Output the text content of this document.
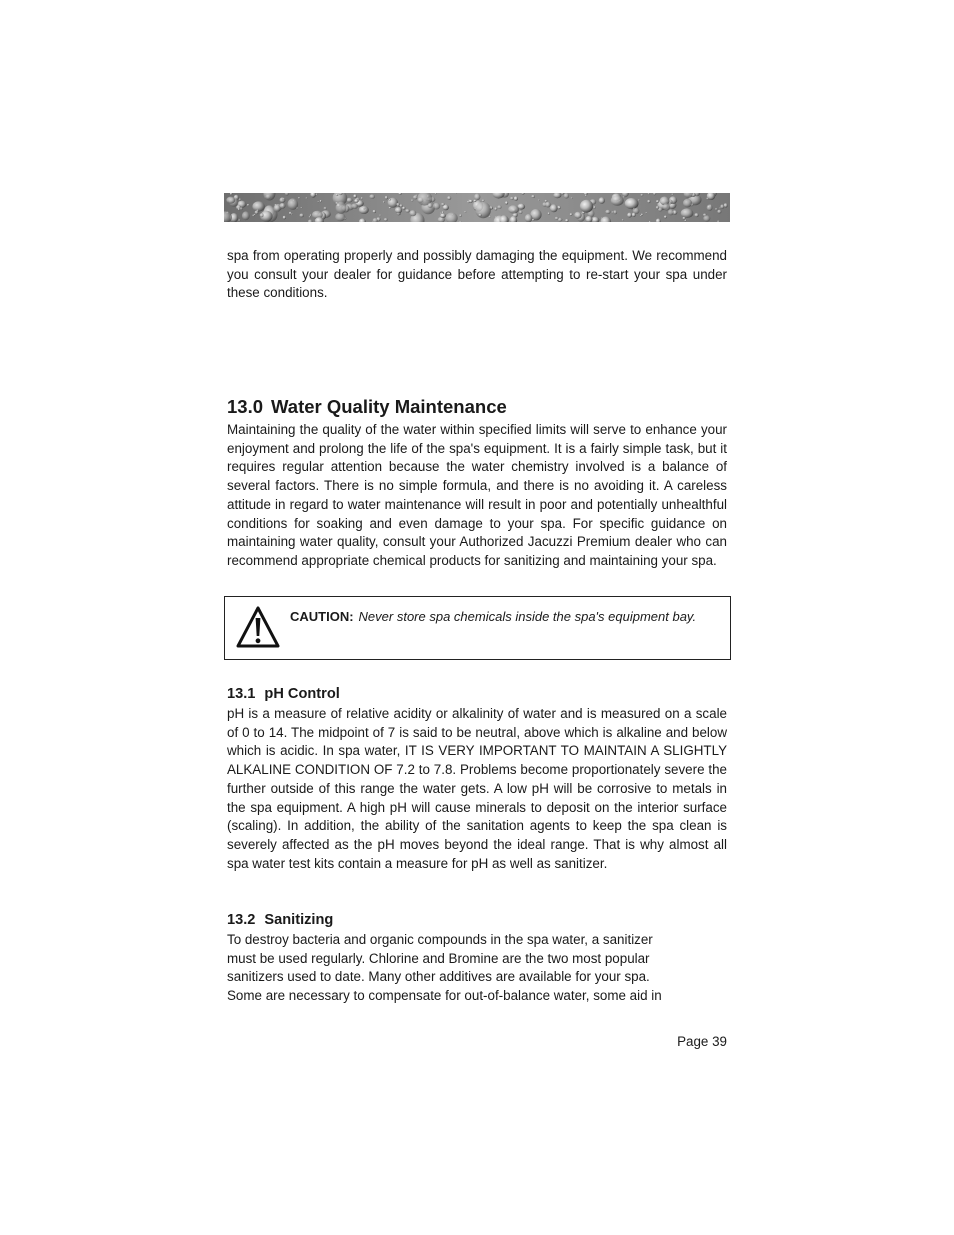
spa from operating properly and possibly damaging the equipment. We recommend you consult your dealer for guidance before attempting to re-start your spa under these conditions.

13.0 Water Quality Maintenance

Maintaining the quality of the water within specified limits will serve to enhance your enjoyment and prolong the life of the spa's equipment. It is a fairly simple task, but it requires regular attention because the water chemistry involved is a balance of several factors. There is no simple formula, and there is no avoiding it. A careless attitude in regard to water maintenance will result in poor and potentially unhealthful conditions for soaking and even damage to your spa. For specific guidance on maintaining water quality, consult your Authorized Jacuzzi Premium dealer who can recommend appropriate chemical products for sanitizing and maintaining your spa.

CAUTION: Never store spa chemicals inside the spa's equipment bay.
13.1 pH Control

pH is a measure of relative acidity or alkalinity of water and is measured on a scale of 0 to 14. The midpoint of 7 is said to be neutral, above which is alkaline and below which is acidic. In spa water, IT IS VERY IMPORTANT TO MAINTAIN A SLIGHTLY ALKALINE CONDITION OF 7.2 to 7.8. Problems become proportionately severe the further outside of this range the water gets. A low pH will be corrosive to metals in the spa equipment. A high pH will cause minerals to deposit on the interior surface (scaling). In addition, the ability of the sanitation agents to keep the spa clean is severely affected as the pH moves beyond the ideal range. That is why almost all spa water test kits contain a measure for pH as well as sanitizer.

13.2 Sanitizing

To destroy bacteria and organic compounds in the spa water, a sanitizer
must be used regularly. Chlorine and Bromine are the two most popular
sanitizers used to date. Many other additives are available for your spa.
Some are necessary to compensate for out-of-balance water, some aid in

Page 39
